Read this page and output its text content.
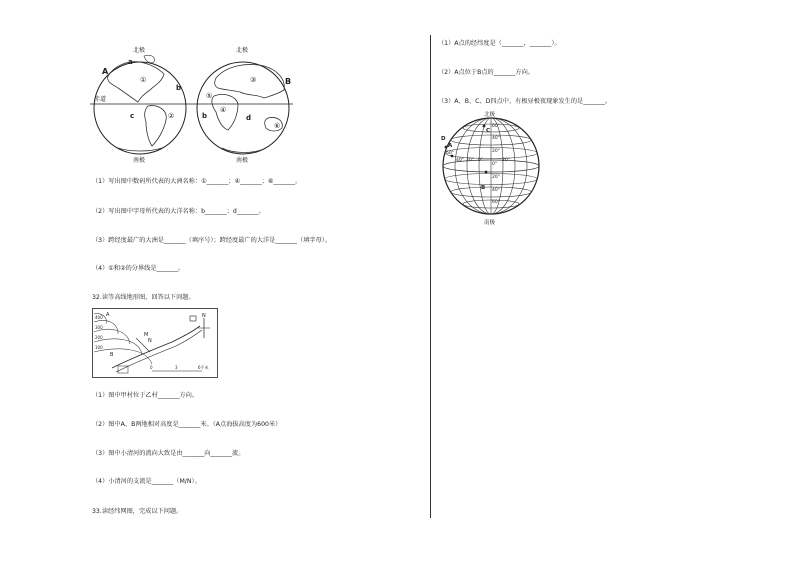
北极	北极
南极	南极
赤道
A
a
b
c	b
B
d
①
②
③
⑤
④
⑥
（1）写出图中数码所代表的大洲名称：①_______；④_______；⑥_______。
（2）写出图中字母所代表的大洋名称：b_______；d_______。
（3）跨经度最广的大洲是_______（填序号）；跨经度最广的大洋是_______（填字母）。
（4）①和②的分界线是_______。
32.读等高线地形图，回答以下问题。
N
400
300
200
100
A
B
M
N
0	3	6千米
（1）图中甲村位于乙村_______方向。
（2）图中A、B两地相对高度是_______米。（A点海拔高度为600米）
（3）图中小清河的流向大致是由_______向_______流。
（4）小清河的支流是_______（M/N）。
33.读经纬网图，完成以下问题。
（1）A点的经纬度是（_______，_______）。
（2）A点位于B点的_______方向。
（3）A、B、C、D四点中，有极昼极夜现象发生的是_______。
北极
南极
A
B
C
D
60°
40°
20°
0°
20°
40°
60°
60°
40° 20° 0°	20°
